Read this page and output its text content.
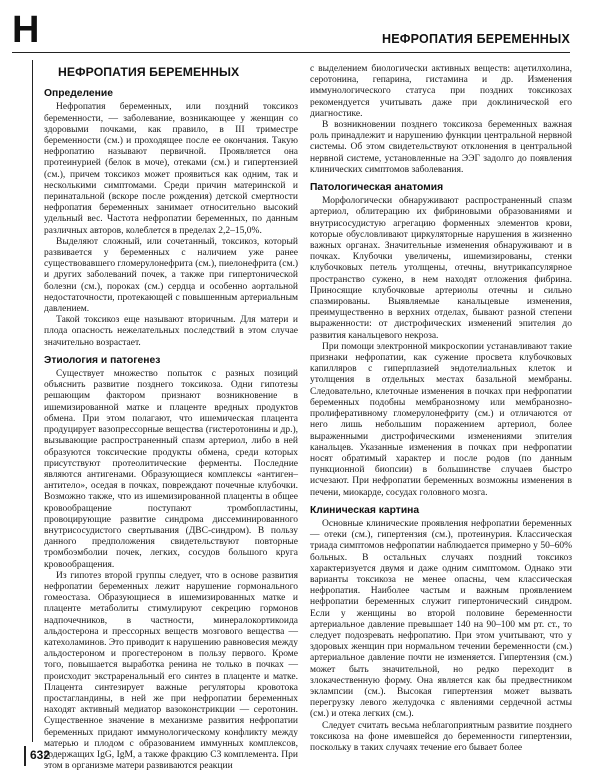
Н	НЕФРОПАТИЯ БЕРЕМЕННЫХ
НЕФРОПАТИЯ БЕРЕМЕННЫХ
Определение

Нефропатия беременных, или поздний токсикоз беременности, — заболевание, возникающее у женщин со здоровыми почками, как правило, в III триместре беременности (см.) и проходящее после ее окончания. Такую нефропатию называют первичной. Проявляется она протеинурией (белок в моче), отеками (см.) и гипертензией (см.), причем токсикоз может проявиться как одним, так и несколькими симптомами. Среди причин материнской и перинатальной (вскоре после рождения) детской смертности нефропатия беременных занимает относительно высокий удельный вес. Частота нефропатии беременных, по данным различных авторов, колеблется в пределах 2,2–15,0%.

Выделяют сложный, или сочетанный, токсикоз, который развивается у беременных с наличием уже ранее существовавшего гломерулонефрита (см.), пиелонефрита (см.) и других заболеваний почек, а также при гипертонической болезни (см.), пороках (см.) сердца и особенно аортальной недостаточности, протекающей с повышенным артериальным давлением.

Такой токсикоз еще называют вторичным. Для матери и плода опасность нежелательных последствий в этом случае значительно возрастает.

Этиология и патогенез

Существует множество попыток с разных позиций объяснить развитие позднего токсикоза. Одни гипотезы решающим фактором признают возникновение в ишемизированной матке и плаценте вредных продуктов обмена. При этом полагают, что ишемическая плацента продуцирует вазопрессорные вещества (гистеротонины и др.), вызывающие распространенный спазм артериол, либо в ней образуются токсические продукты обмена, среди которых присутствуют протеолитические ферменты. Последние являются антигенами. Образующиеся комплексы «антиген–антитело», оседая в почках, повреждают почечные клубочки. Возможно также, что из ишемизированной плаценты в общее кровообращение поступают тромбопластины, провоцирующие развитие синдрома диссеминированного внутрисосудистого свертывания (ДВС-синдром). В пользу данного предположения свидетельствуют повторные тромбоэмболии почек, легких, сосудов большого круга кровообращения.

Из гипотез второй группы следует, что в основе развития нефропатии беременных лежит нарушение гормонального гомеостаза. Образующиеся в ишемизированных матке и плаценте метаболиты стимулируют секрецию гормонов надпочечников, в частности, минералокортикоида альдостерона и прессорных веществ мозгового вещества — катехоламинов. Это приводит к нарушению равновесия между альдостероном и прогестероном в пользу первого. Кроме того, повышается выработка ренина не только в почках — происходит экстраренальный его синтез в плаценте и матке. Плацента синтезирует важные регуляторы кровотока простагландины, в ней же при нефропатии беременных находят активный медиатор вазоконстрикции — серотонин. Существенное значение в механизме развития нефропатии беременных придают иммунологическому конфликту между матерью и плодом с образованием иммунных комплексов, содержащих IgG, IgM, а также фракцию С3 комплемента. При этом в организме матери развиваются реакции

с выделением биологически активных веществ: ацетилхолина, серотонина, гепарина, гистамина и др. Изменения иммунологического статуса при поздних токсикозах рекомендуется учитывать даже при доклинической его диагностике.

В возникновении позднего токсикоза беременных важная роль принадлежит и нарушению функции центральной нервной системы. Об этом свидетельствуют отклонения в центральной нервной системе, установленные на ЭЭГ задолго до появления клинических симптомов заболевания.

Патологическая анатомия

Морфологически обнаруживают распространенный спазм артериол, облитерацию их фибриновыми образованиями и внутрисосудистую агрегацию форменных элементов крови, которые обусловливают циркуляторные нарушения в жизненно важных органах. Значительные изменения обнаруживают и в почках. Клубочки увеличены, ишемизированы, стенки клубочковых петель утолщены, отечны, внутрикапсулярное пространство сужено, в нем находят отложения фибрина. Приносящие клубочковые артериолы отечны и сильно спазмированы. Выявляемые канальцевые изменения, преимущественно в верхних отделах, бывают разной степени выраженности: от дистрофических изменений эпителия до развития канальцевого некроза.

При помощи электронной микроскопии устанавливают такие признаки нефропатии, как сужение просвета клубочковых капилляров с гиперплазией эндотелиальных клеток и утолщения в отдельных местах базальной мембраны. Следовательно, клеточные изменения в почках при нефропатии беременных подобны мембранозному или мембранозно-пролиферативному гломерулонефриту (см.) и отличаются от него лишь небольшим поражением артериол, более выраженными дистрофическими изменениями эпителия канальцев. Указанные изменения в почках при нефропатии носят обратимый характер и после родов (по данным пункционной биопсии) в большинстве случаев быстро исчезают. При нефропатии беременных возможны изменения в печени, миокарде, сосудах головного мозга.

Клиническая картина

Основные клинические проявления нефропатии беременных — отеки (см.), гипертензия (см.), протеинурия. Классическая триада симптомов нефропатии наблюдается примерно у 50–60% больных. В остальных случаях поздний токсикоз характеризуется двумя и даже одним симптомом. Однако эти варианты токсикоза не менее опасны, чем классическая нефропатия. Наиболее частым и важным проявлением нефропатии беременных служит гипертонический синдром. Если у женщины во второй половине беременности артериальное давление превышает 140 на 90–100 мм рт. ст., то следует подозревать нефропатию. При этом учитывают, что у здоровых женщин при нормальном течении беременности (см.) артериальное давление почти не изменяется. Гипертензия (см.) может быть значительной, но редко переходит в злокачественную форму. Она является как бы предвестником эклампсии (см.). Высокая гипертензия может вызвать перегрузку левого желудочка с явлениями сердечной астмы (см.) и отека легких (см.).

Следует считать весьма неблагоприятным развитие позднего токсикоза на фоне имевшейся до беременности гипертензии, поскольку в таких случаях течение его бывает более

632
